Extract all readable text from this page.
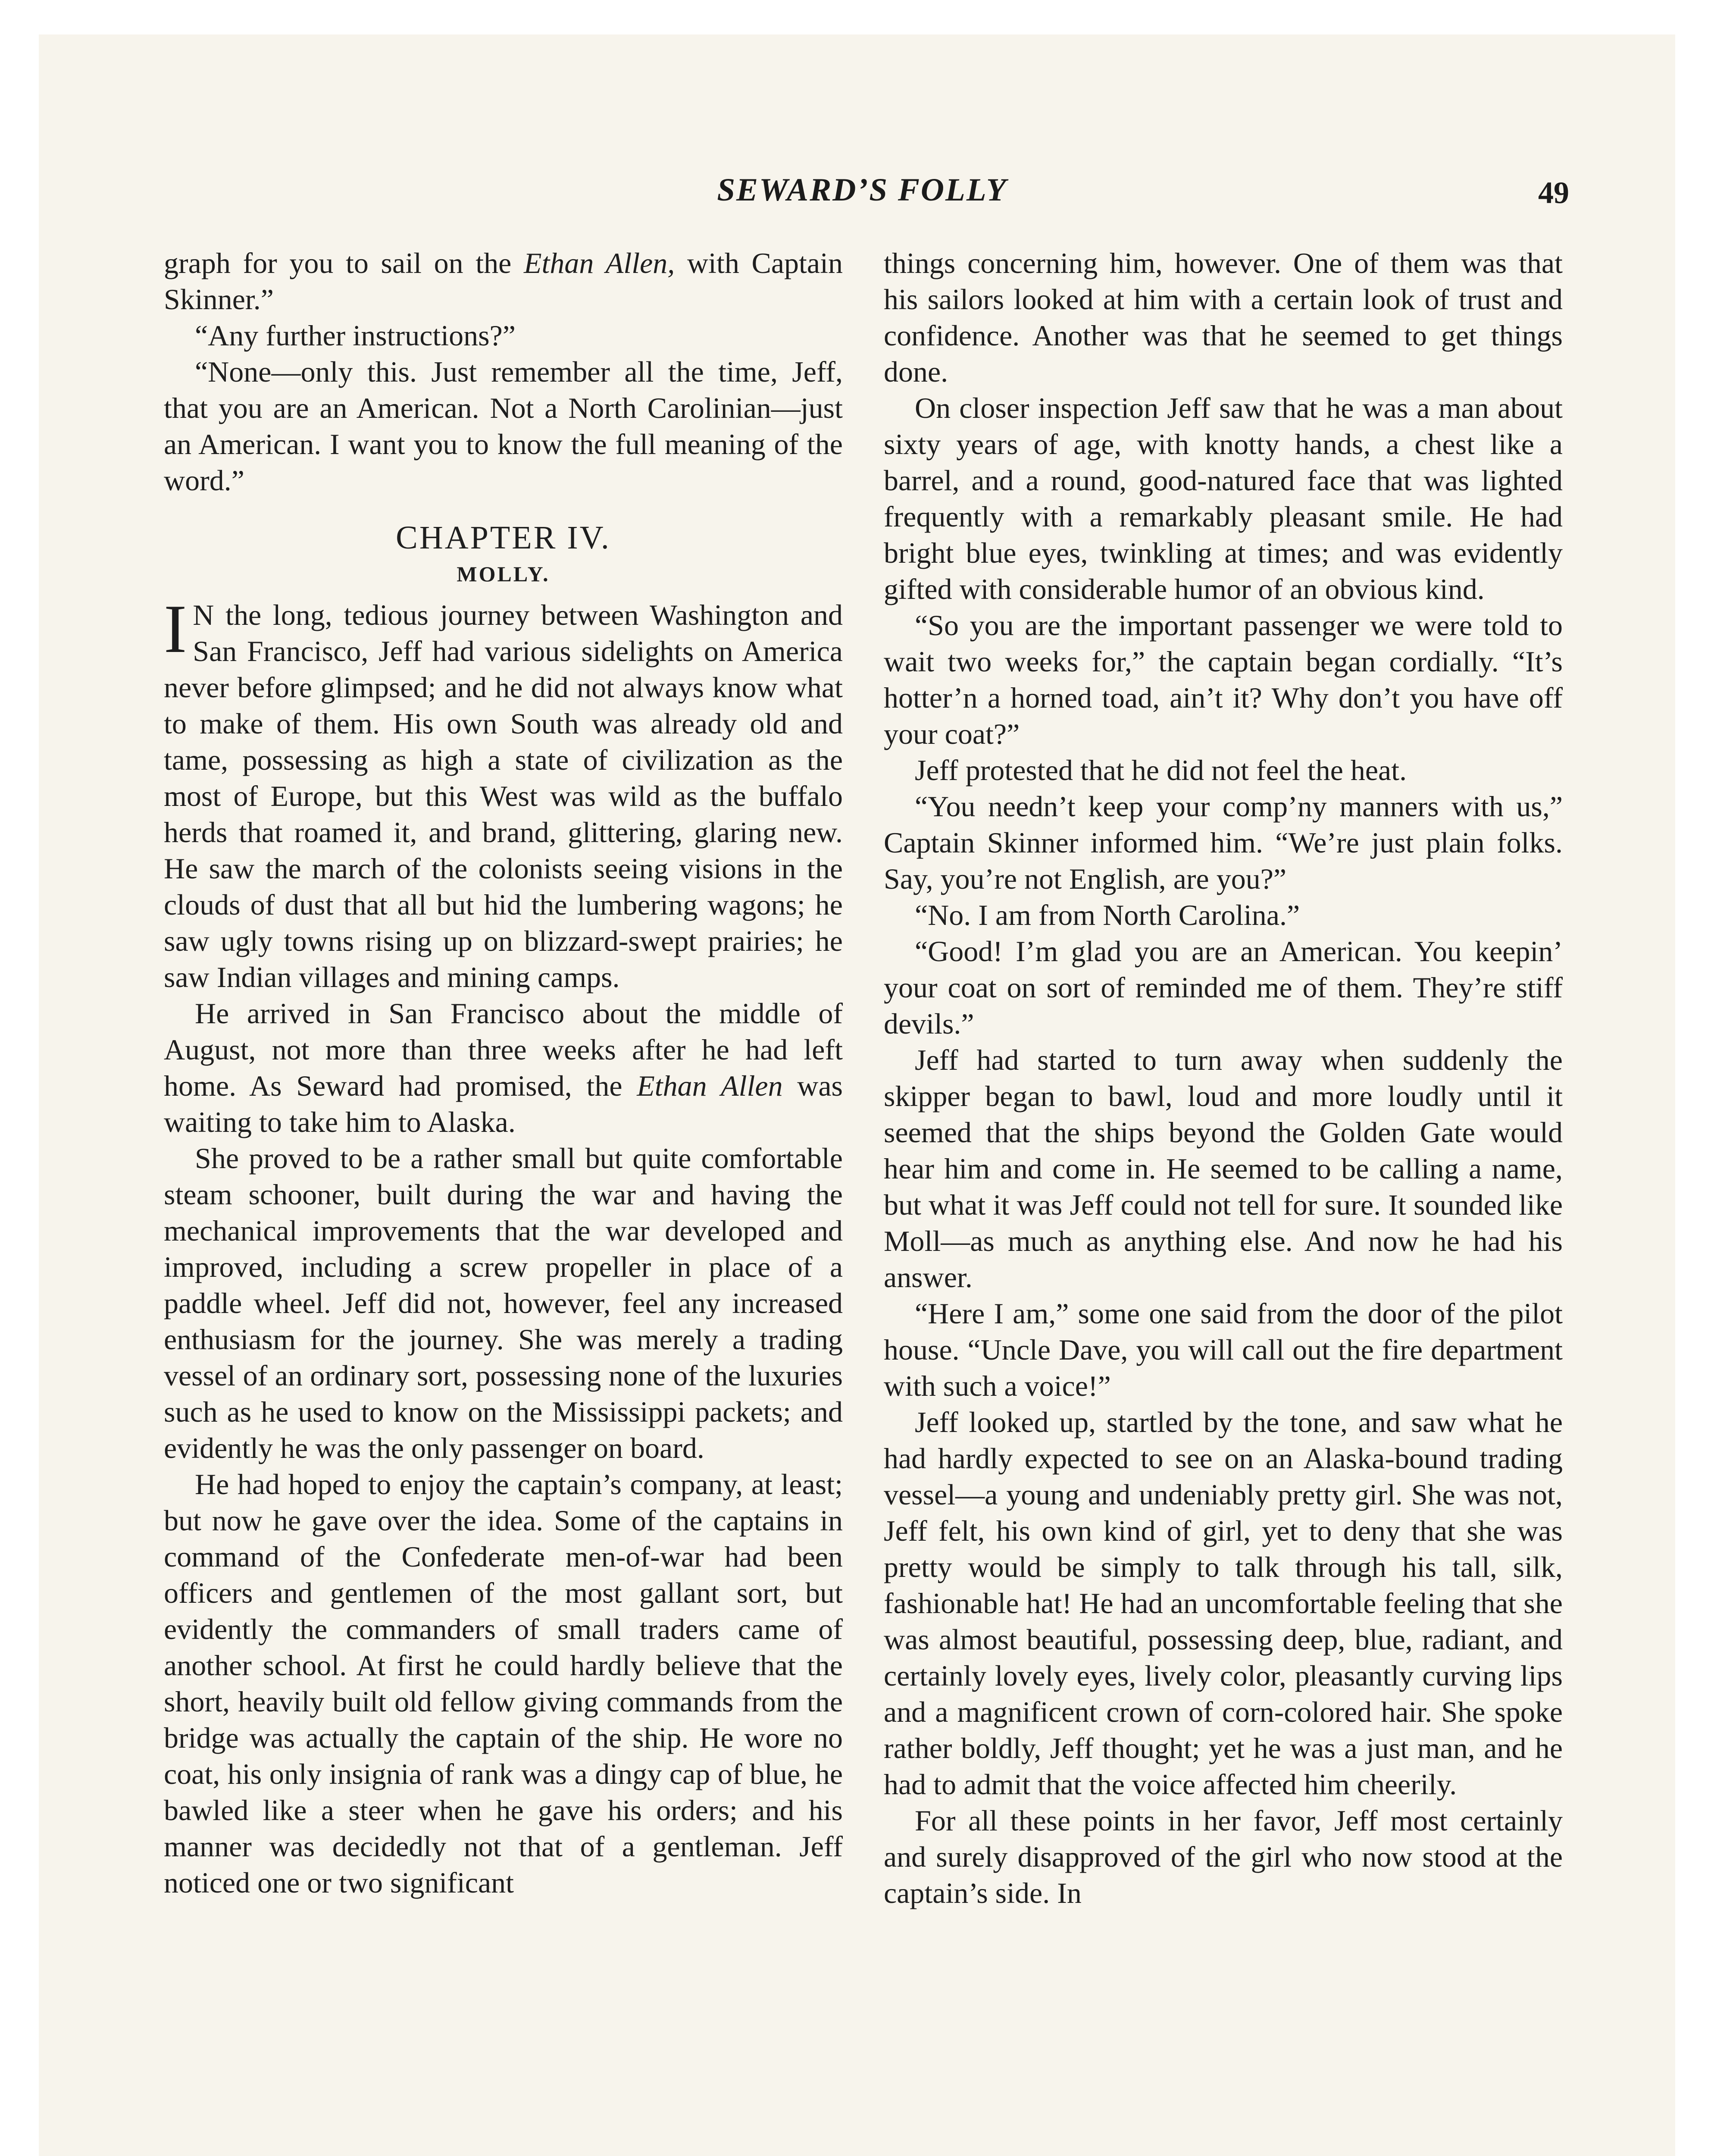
SEWARD’S FOLLY	49

graph for you to sail on the Ethan Allen, with Captain Skinner.”

“Any further instructions?”

“None—only this. Just remember all the time, Jeff, that you are an American. Not a North Carolinian—just an American. I want you to know the full meaning of the word.”

CHAPTER IV.
MOLLY.

I N the long, tedious journey between Washington and San Francisco, Jeff had various sidelights on America never before glimpsed; and he did not always know what to make of them. His own South was already old and tame, possessing as high a state of civilization as the most of Europe, but this West was wild as the buffalo herds that roamed it, and brand, glittering, glaring new. He saw the march of the colonists seeing visions in the clouds of dust that all but hid the lumbering wagons; he saw ugly towns rising up on blizzard-swept prairies; he saw Indian villages and mining camps.

He arrived in San Francisco about the middle of August, not more than three weeks after he had left home. As Seward had promised, the Ethan Allen was waiting to take him to Alaska.

She proved to be a rather small but quite comfortable steam schooner, built during the war and having the mechanical improvements that the war developed and improved, including a screw propeller in place of a paddle wheel. Jeff did not, however, feel any increased enthusiasm for the journey. She was merely a trading vessel of an ordinary sort, possessing none of the luxuries such as he used to know on the Mississippi packets; and evidently he was the only passenger on board.

He had hoped to enjoy the captain’s company, at least; but now he gave over the idea. Some of the captains in command of the Confederate men-of-war had been officers and gentlemen of the most gallant sort, but evidently the commanders of small traders came of another school. At first he could hardly believe that the short, heavily built old fellow giving commands from the bridge was actually the captain of the ship. He wore no coat, his only insignia of rank was a dingy cap of blue, he bawled like a steer when he gave his orders; and his manner was decidedly not that of a gentleman. Jeff noticed one or two significant

things concerning him, however. One of them was that his sailors looked at him with a certain look of trust and confidence. Another was that he seemed to get things done.

On closer inspection Jeff saw that he was a man about sixty years of age, with knotty hands, a chest like a barrel, and a round, good-natured face that was lighted frequently with a remarkably pleasant smile. He had bright blue eyes, twinkling at times; and was evidently gifted with considerable humor of an obvious kind.

“So you are the important passenger we were told to wait two weeks for,” the captain began cordially. “It’s hotter’n a horned toad, ain’t it? Why don’t you have off your coat?”

Jeff protested that he did not feel the heat.

“You needn’t keep your comp’ny manners with us,” Captain Skinner informed him. “We’re just plain folks. Say, you’re not English, are you?”

“No. I am from North Carolina.”

“Good! I’m glad you are an American. You keepin’ your coat on sort of reminded me of them. They’re stiff devils.”

Jeff had started to turn away when suddenly the skipper began to bawl, loud and more loudly until it seemed that the ships beyond the Golden Gate would hear him and come in. He seemed to be calling a name, but what it was Jeff could not tell for sure. It sounded like Moll—as much as anything else. And now he had his answer.

“Here I am,” some one said from the door of the pilot house. “Uncle Dave, you will call out the fire department with such a voice!”

Jeff looked up, startled by the tone, and saw what he had hardly expected to see on an Alaska-bound trading vessel—a young and undeniably pretty girl. She was not, Jeff felt, his own kind of girl, yet to deny that she was pretty would be simply to talk through his tall, silk, fashionable hat! He had an uncomfortable feeling that she was almost beautiful, possessing deep, blue, radiant, and certainly lovely eyes, lively color, pleasantly curving lips and a magnificent crown of corn-colored hair. She spoke rather boldly, Jeff thought; yet he was a just man, and he had to admit that the voice affected him cheerily.

For all these points in her favor, Jeff most certainly and surely disapproved of the girl who now stood at the captain’s side. In
